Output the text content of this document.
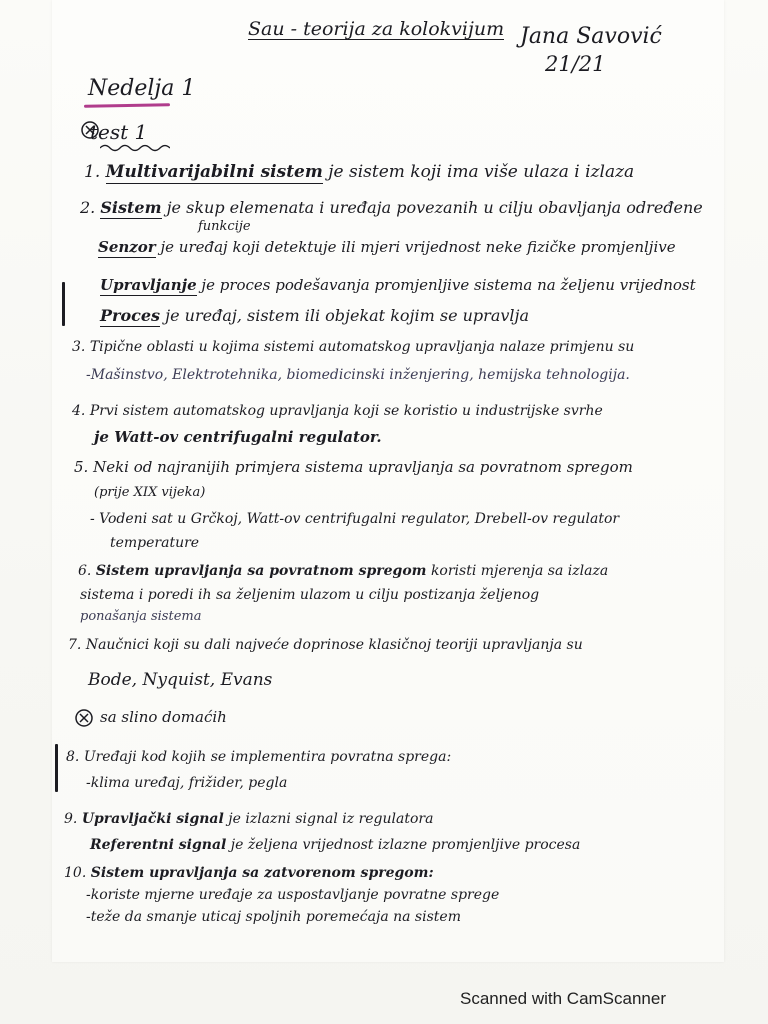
Sau - teorija za kolokvijum Jana Savović
21/21
Nedelja 1
test 1
1. Multivarijabilni sistem je sistem koji ima više ulaza i izlaza
2. Sistem je skup elemenata i uređaja povezanih u cilju obavljanja određene
funkcije
Senzor je uređaj koji detektuje ili mjeri vrijednost neke fizičke promjenljive
Upravljanje je proces podešavanja promjenljive sistema na željenu vrijednost
Proces je uređaj, sistem ili objekat kojim se upravlja
3. Tipične oblasti u kojima sistemi automatskog upravljanja nalaze primjenu su
-Mašinstvo, Elektrotehnika, biomedicinski inženjering, hemijska tehnologija.
4. Prvi sistem automatskog upravljanja koji se koristio u industrijske svrhe
je Watt-ov centrifugalni regulator.
5. Neki od najranijih primjera sistema upravljanja sa povratnom spregom
(prije XIX vijeka)
- Vodeni sat u Grčkoj, Watt-ov centrifugalni regulator, Drebell-ov regulator
temperature
6. Sistem upravljanja sa povratnom spregom koristi mjerenja sa izlaza
sistema i poredi ih sa željenim ulazom u cilju postizanja željenog
ponašanja sistema
7. Naučnici koji su dali najveće doprinose klasičnoj teoriji upravljanja su
Bode, Nyquist, Evans
sa slino domaćih
8. Uređaji kod kojih se implementira povratna sprega:
-klima uređaj, frižider, pegla
9. Upravljački signal je izlazni signal iz regulatora
Referentni signal je željena vrijednost izlazne promjenljive procesa
10. Sistem upravljanja sa zatvorenom spregom:
-koriste mjerne uređaje za uspostavljanje povratne sprege
-teže da smanje uticaj spoljnih poremećaja na sistem
Scanned with CamScanner
